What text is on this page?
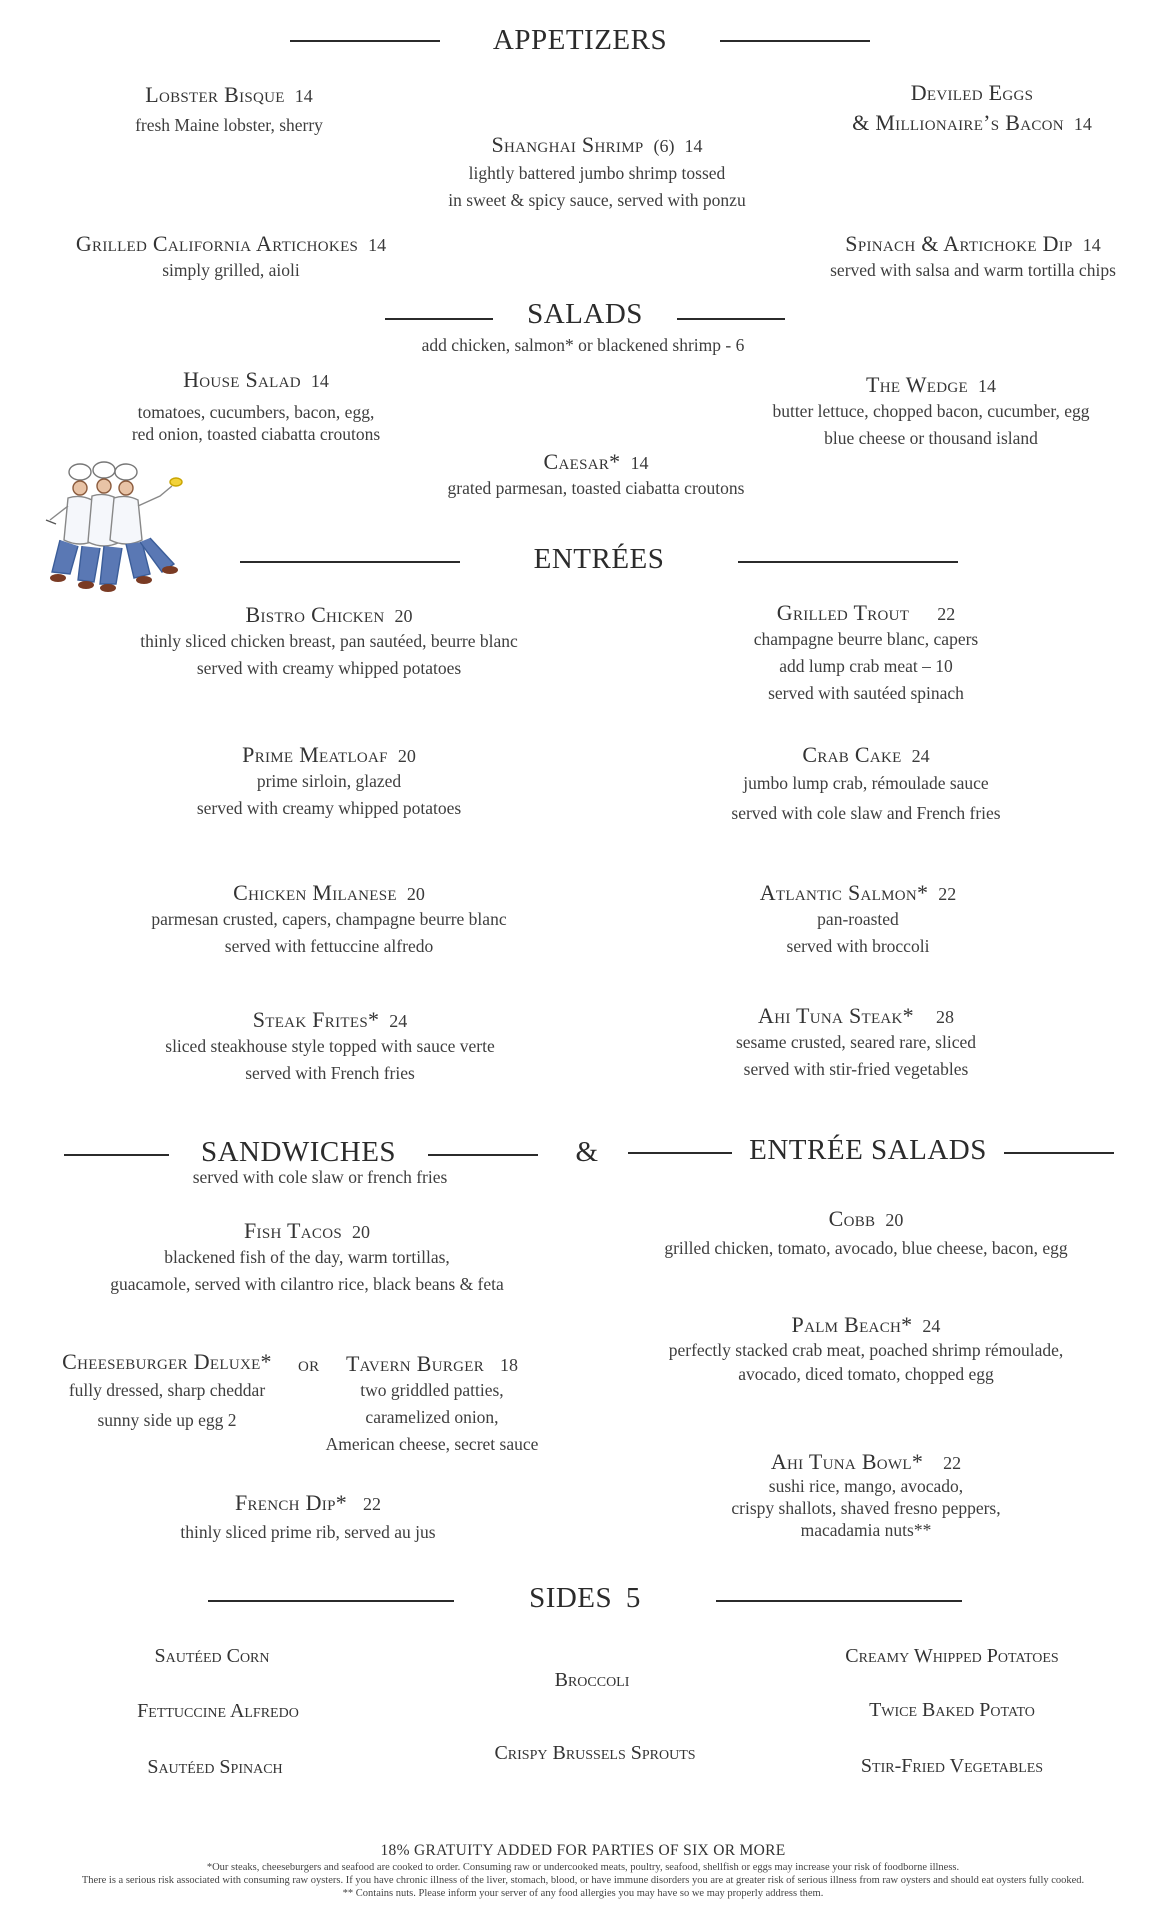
APPETIZERS
Lobster Bisque 14
fresh Maine lobster, sherry
Shanghai Shrimp (6) 14
lightly battered jumbo shrimp tossed
in sweet & spicy sauce, served with ponzu
Deviled Eggs
& Millionaire’s Bacon 14
Grilled California Artichokes 14
simply grilled, aioli
Spinach & Artichoke Dip 14
served with salsa and warm tortilla chips
SALADS
add chicken, salmon* or blackened shrimp - 6
House Salad 14
tomatoes, cucumbers, bacon, egg,
red onion, toasted ciabatta croutons
The Wedge 14
butter lettuce, chopped bacon, cucumber, egg
blue cheese or thousand island
Caesar* 14
grated parmesan, toasted ciabatta croutons
ENTRÉES
Bistro Chicken 20
thinly sliced chicken breast, pan sautéed, beurre blanc
served with creamy whipped potatoes
Grilled Trout 22
champagne beurre blanc, capers
add lump crab meat – 10
served with sautéed spinach
Prime Meatloaf 20
prime sirloin, glazed
served with creamy whipped potatoes
Crab Cake 24
jumbo lump crab, rémoulade sauce
served with cole slaw and French fries
Chicken Milanese 20
parmesan crusted, capers, champagne beurre blanc
served with fettuccine alfredo
Atlantic Salmon* 22
pan-roasted
served with broccoli
Steak Frites* 24
sliced steakhouse style topped with sauce verte
served with French fries
Ahi Tuna Steak* 28
sesame crusted, seared rare, sliced
served with stir-fried vegetables
SANDWICHES	&	ENTRÉE SALADS
served with cole slaw or french fries
Fish Tacos 20
blackened fish of the day, warm tortillas,
guacamole, served with cilantro rice, black beans & feta
Cheeseburger Deluxe*
fully dressed, sharp cheddar
sunny side up egg 2
or	Tavern Burger 18
two griddled patties,
caramelized onion,
American cheese, secret sauce
French Dip* 22
thinly sliced prime rib, served au jus
Cobb 20
grilled chicken, tomato, avocado, blue cheese, bacon, egg
Palm Beach* 24
perfectly stacked crab meat, poached shrimp rémoulade,
avocado, diced tomato, chopped egg
Ahi Tuna Bowl* 22
sushi rice, mango, avocado,
crispy shallots, shaved fresno peppers,
macadamia nuts**
SIDES 5
Sautéed Corn
Fettuccine Alfredo
Sautéed Spinach
Broccoli
Crispy Brussels Sprouts
Creamy Whipped Potatoes
Twice Baked Potato
Stir-Fried Vegetables
18% GRATUITY ADDED FOR PARTIES OF SIX OR MORE
*Our steaks, cheeseburgers and seafood are cooked to order. Consuming raw or undercooked meats, poultry, seafood, shellfish or eggs may increase your risk of foodborne illness.
There is a serious risk associated with consuming raw oysters. If you have chronic illness of the liver, stomach, blood, or have immune disorders you are at greater risk of serious illness from raw oysters and should eat oysters fully cooked.
** Contains nuts. Please inform your server of any food allergies you may have so we may properly address them.
